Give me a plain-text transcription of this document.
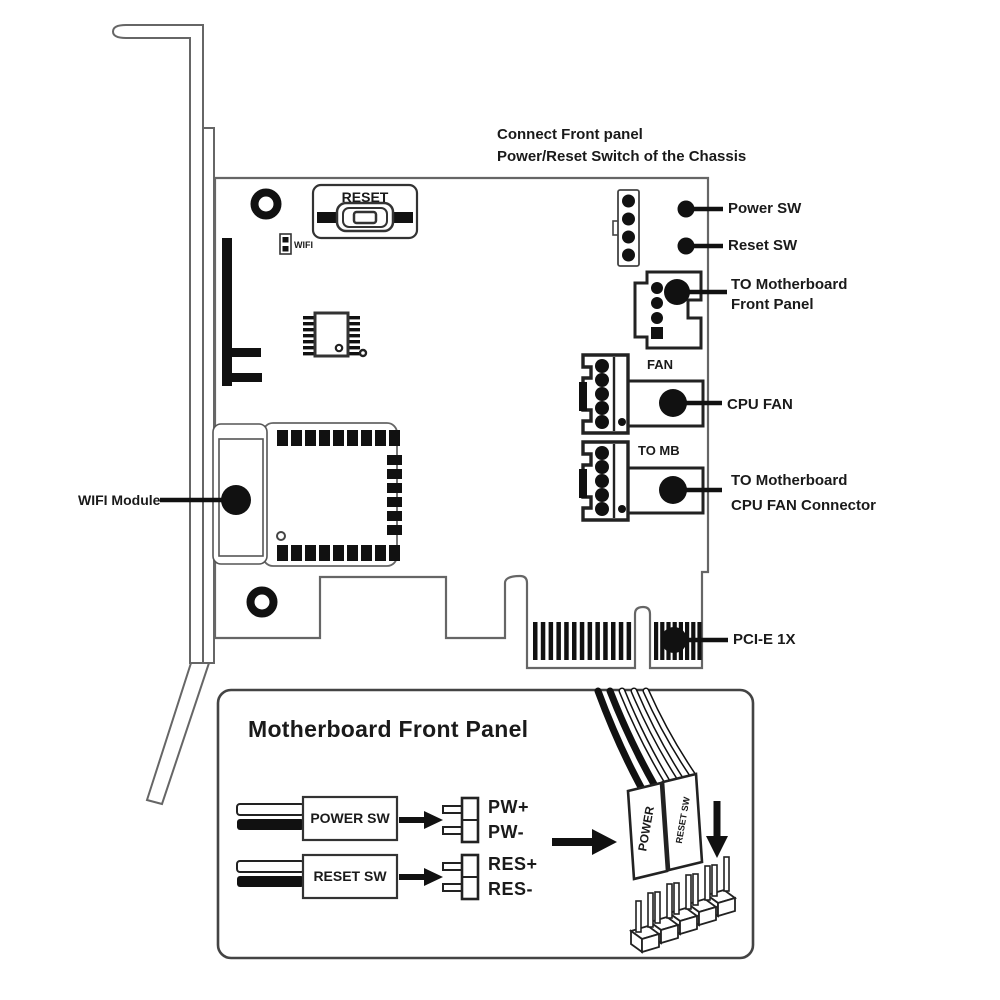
Connect Front panel
Power/Reset Switch of the Chassis
RESET
WIFI
Power SW
Reset SW
TO Motherboard
Front Panel
FAN
CPU FAN
TO MB
TO Motherboard
CPU FAN Connector
WIFI Module
PCI-E 1X
Motherboard Front Panel
POWER SW
RESET SW
PW+
PW-
RES+
RES-
POWER RESET SW
